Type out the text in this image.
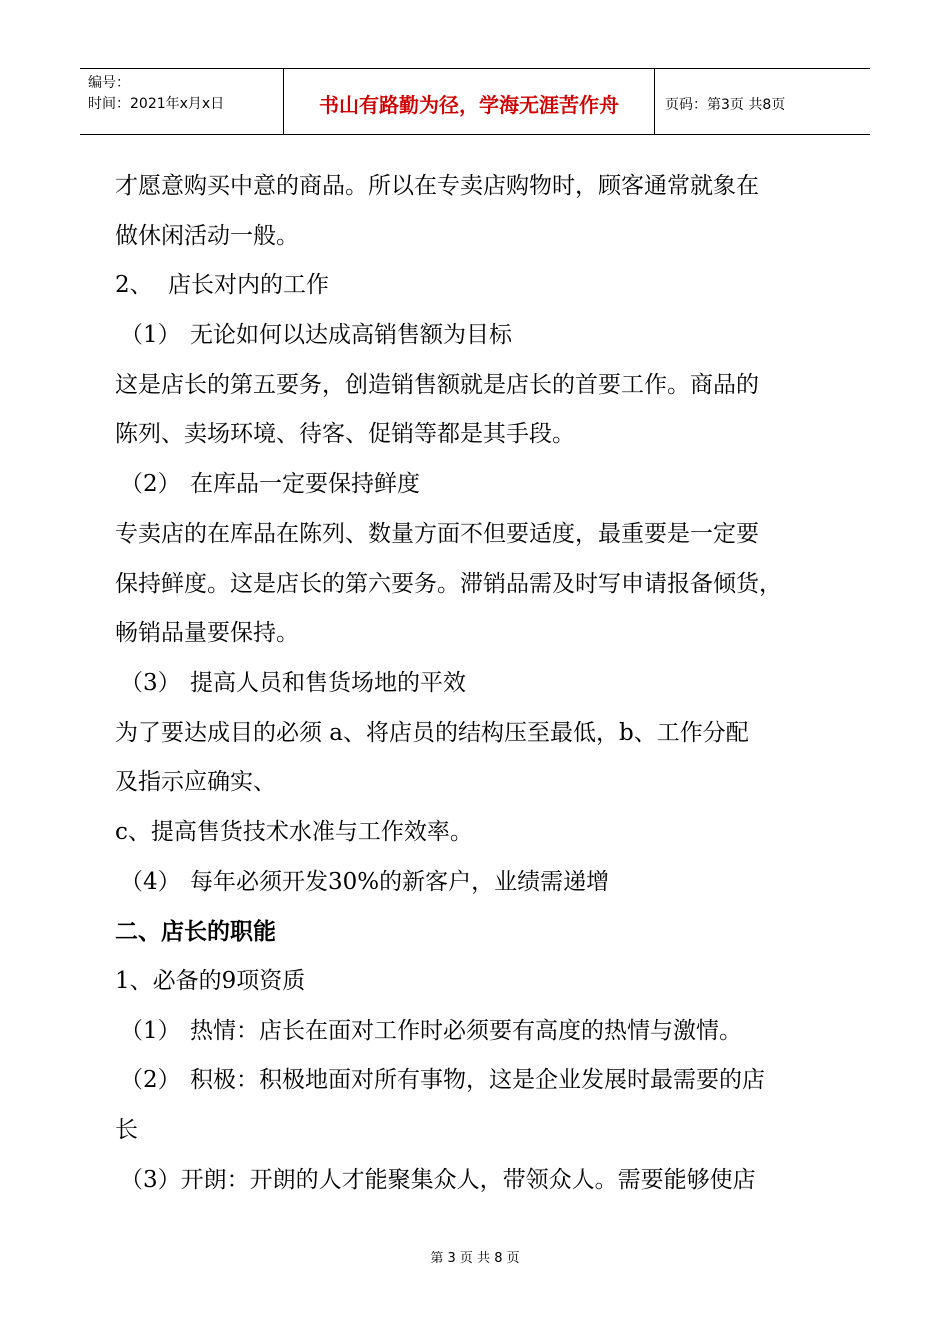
编号：
时间：2021年x月x日	书山有路勤为径，学海无涯苦作舟	页码：第3页 共8页
才愿意购买中意的商品。所以在专卖店购物时，顾客通常就象在
做休闲活动一般。
2、 店长对内的工作
（1） 无论如何以达成高销售额为目标
这是店长的第五要务，创造销售额就是店长的首要工作。商品的
陈列、卖场环境、待客、促销等都是其手段。
（2） 在库品一定要保持鲜度
专卖店的在库品在陈列、数量方面不但要适度，最重要是一定要
保持鲜度。这是店长的第六要务。滞销品需及时写申请报备倾货，
畅销品量要保持。
（3） 提高人员和售货场地的平效
为了要达成目的必须 a、将店员的结构压至最低，b、工作分配
及指示应确实、
c、提高售货技术水准与工作效率。
（4） 每年必须开发30%的新客户，业绩需递增
二、店长的职能
1、必备的9项资质
（1） 热情：店长在面对工作时必须要有高度的热情与激情。
（2） 积极：积极地面对所有事物，这是企业发展时最需要的店
长
（3）开朗：开朗的人才能聚集众人，带领众人。需要能够使店
第 3 页 共 8 页
